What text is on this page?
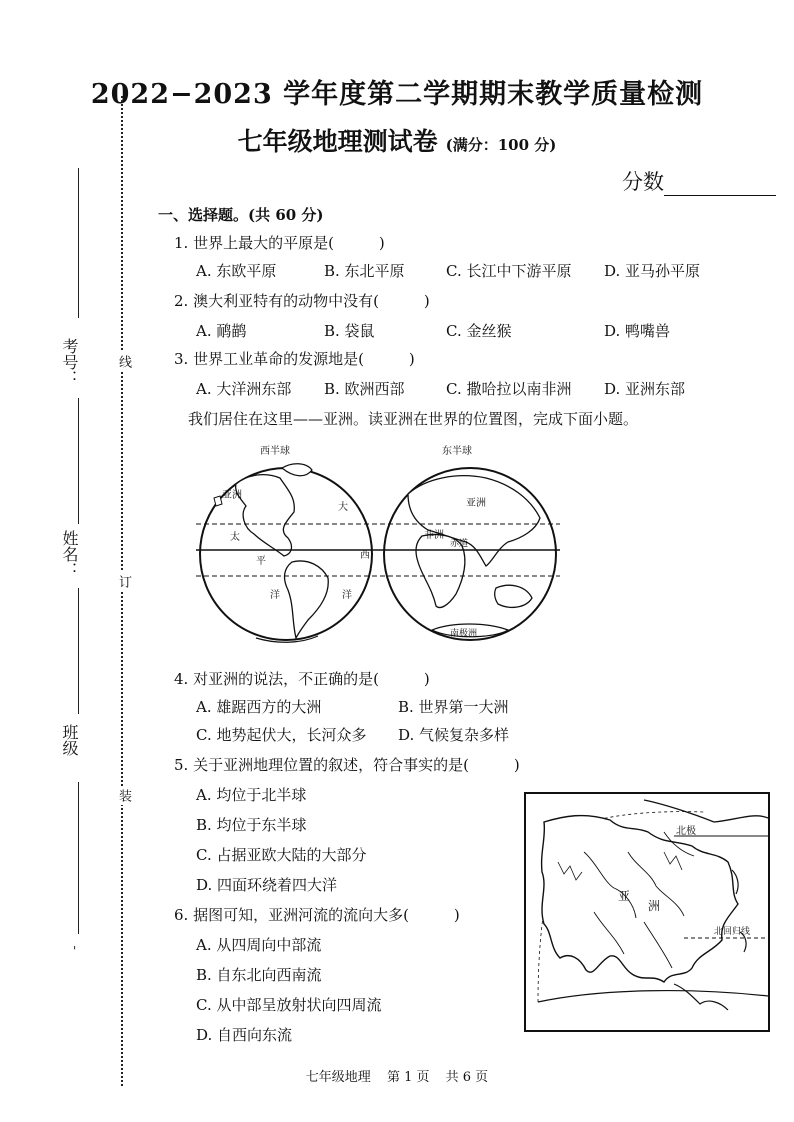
2022−2023 学年度第二学期期末教学质量检测
七年级地理测试卷 (满分：100 分)
分数
线
订
装
考号：
姓名：
班级
'
一、选择题。(共 60 分)
1. 世界上最大的平原是(　　　)
A. 东欧平原	B. 东北平原	C. 长江中下游平原 D. 亚马孙平原
2. 澳大利亚特有的动物中没有(　　　)
A. 鸸鹋	B. 袋鼠	C. 金丝猴	D. 鸭嘴兽
3. 世界工业革命的发源地是(　　　)
A. 大洋洲东部 B. 欧洲西部	C. 撒哈拉以南非洲 D. 亚洲东部
我们居住在这里——亚洲。读亚洲在世界的位置图，完成下面小题。
西半球	东半球
亚洲
大
太
平
洋
西
洋
亚洲
非洲
赤道
南极洲
4. 对亚洲的说法，不正确的是(　　　)
A. 雄踞西方的大洲	B. 世界第一大洲
C. 地势起伏大，长河众多 D. 气候复杂多样
5. 关于亚洲地理位置的叙述，符合事实的是(　　　)
A. 均位于北半球
B. 均位于东半球
C. 占据亚欧大陆的大部分
D. 四面环绕着四大洋
6. 据图可知，亚洲河流的流向大多(　　　)
A. 从四周向中部流
B. 自东北向西南流
C. 从中部呈放射状向四周流
D. 自西向东流
北极
亚
洲
北回归线
七年级地理 第 1 页 共 6 页
